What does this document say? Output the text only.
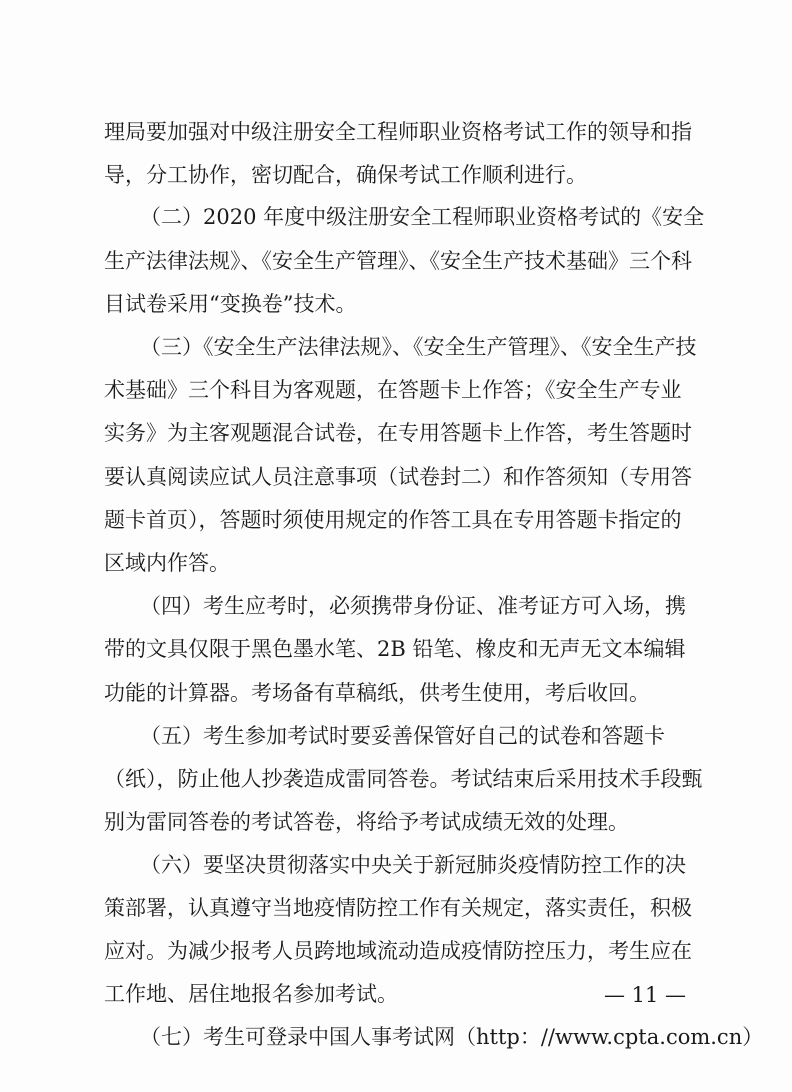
理局要加强对中级注册安全工程师职业资格考试工作的领导和指
导，分工协作，密切配合，确保考试工作顺利进行。
（二）2020 年度中级注册安全工程师职业资格考试的《安全
生产法律法规》、《安全生产管理》、《安全生产技术基础》三个科
目试卷采用“变换卷”技术。
（三）《安全生产法律法规》、《安全生产管理》、《安全生产技
术基础》三个科目为客观题，在答题卡上作答；《安全生产专业
实务》为主客观题混合试卷，在专用答题卡上作答，考生答题时
要认真阅读应试人员注意事项（试卷封二）和作答须知（专用答
题卡首页），答题时须使用规定的作答工具在专用答题卡指定的
区域内作答。
（四）考生应考时，必须携带身份证、准考证方可入场，携
带的文具仅限于黑色墨水笔、2B 铅笔、橡皮和无声无文本编辑
功能的计算器。考场备有草稿纸，供考生使用，考后收回。
（五）考生参加考试时要妥善保管好自己的试卷和答题卡
（纸），防止他人抄袭造成雷同答卷。考试结束后采用技术手段甄
别为雷同答卷的考试答卷，将给予考试成绩无效的处理。
（六）要坚决贯彻落实中央关于新冠肺炎疫情防控工作的决
策部署，认真遵守当地疫情防控工作有关规定，落实责任，积极
应对。为减少报考人员跨地域流动造成疫情防控压力，考生应在
工作地、居住地报名参加考试。
（七）考生可登录中国人事考试网（http：//www.cpta.com.cn）
— 11 —
